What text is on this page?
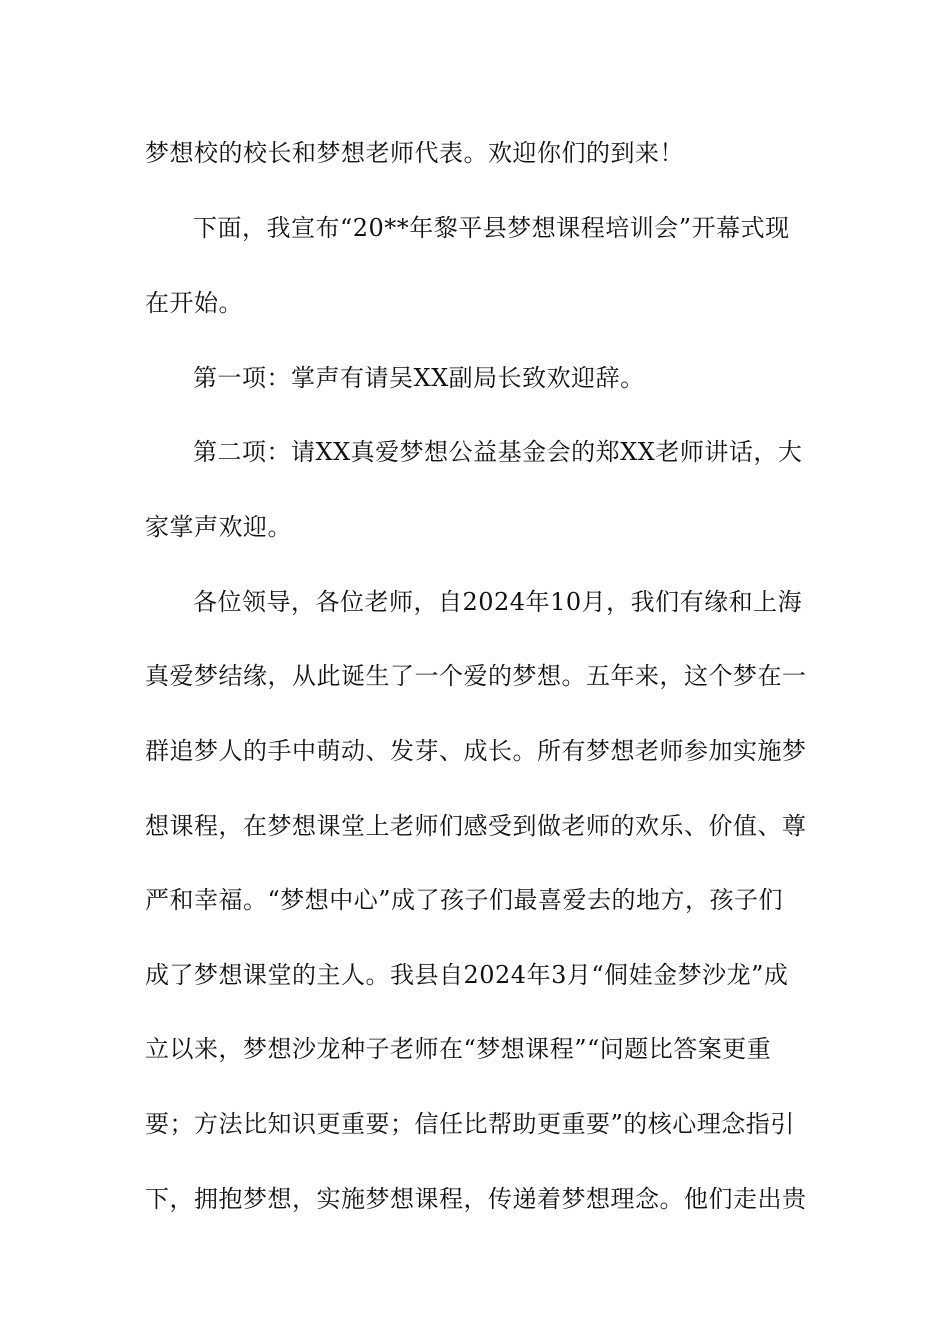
梦想校的校长和梦想老师代表。欢迎你们的到来！
下面，我宣布“20**年黎平县梦想课程培训会”开幕式现
在开始。
第一项：掌声有请吴XX副局长致欢迎辞。
第二项：请XX真爱梦想公益基金会的郑XX老师讲话，大
家掌声欢迎。
各位领导，各位老师，自2024年10月，我们有缘和上海
真爱梦结缘，从此诞生了一个爱的梦想。五年来，这个梦在一
群追梦人的手中萌动、发芽、成长。所有梦想老师参加实施梦
想课程，在梦想课堂上老师们感受到做老师的欢乐、价值、尊
严和幸福。“梦想中心”成了孩子们最喜爱去的地方，孩子们
成了梦想课堂的主人。我县自2024年3月“侗娃金梦沙龙”成
立以来，梦想沙龙种子老师在“梦想课程”“问题比答案更重
要；方法比知识更重要；信任比帮助更重要”的核心理念指引
下，拥抱梦想，实施梦想课程，传递着梦想理念。他们走出贵
